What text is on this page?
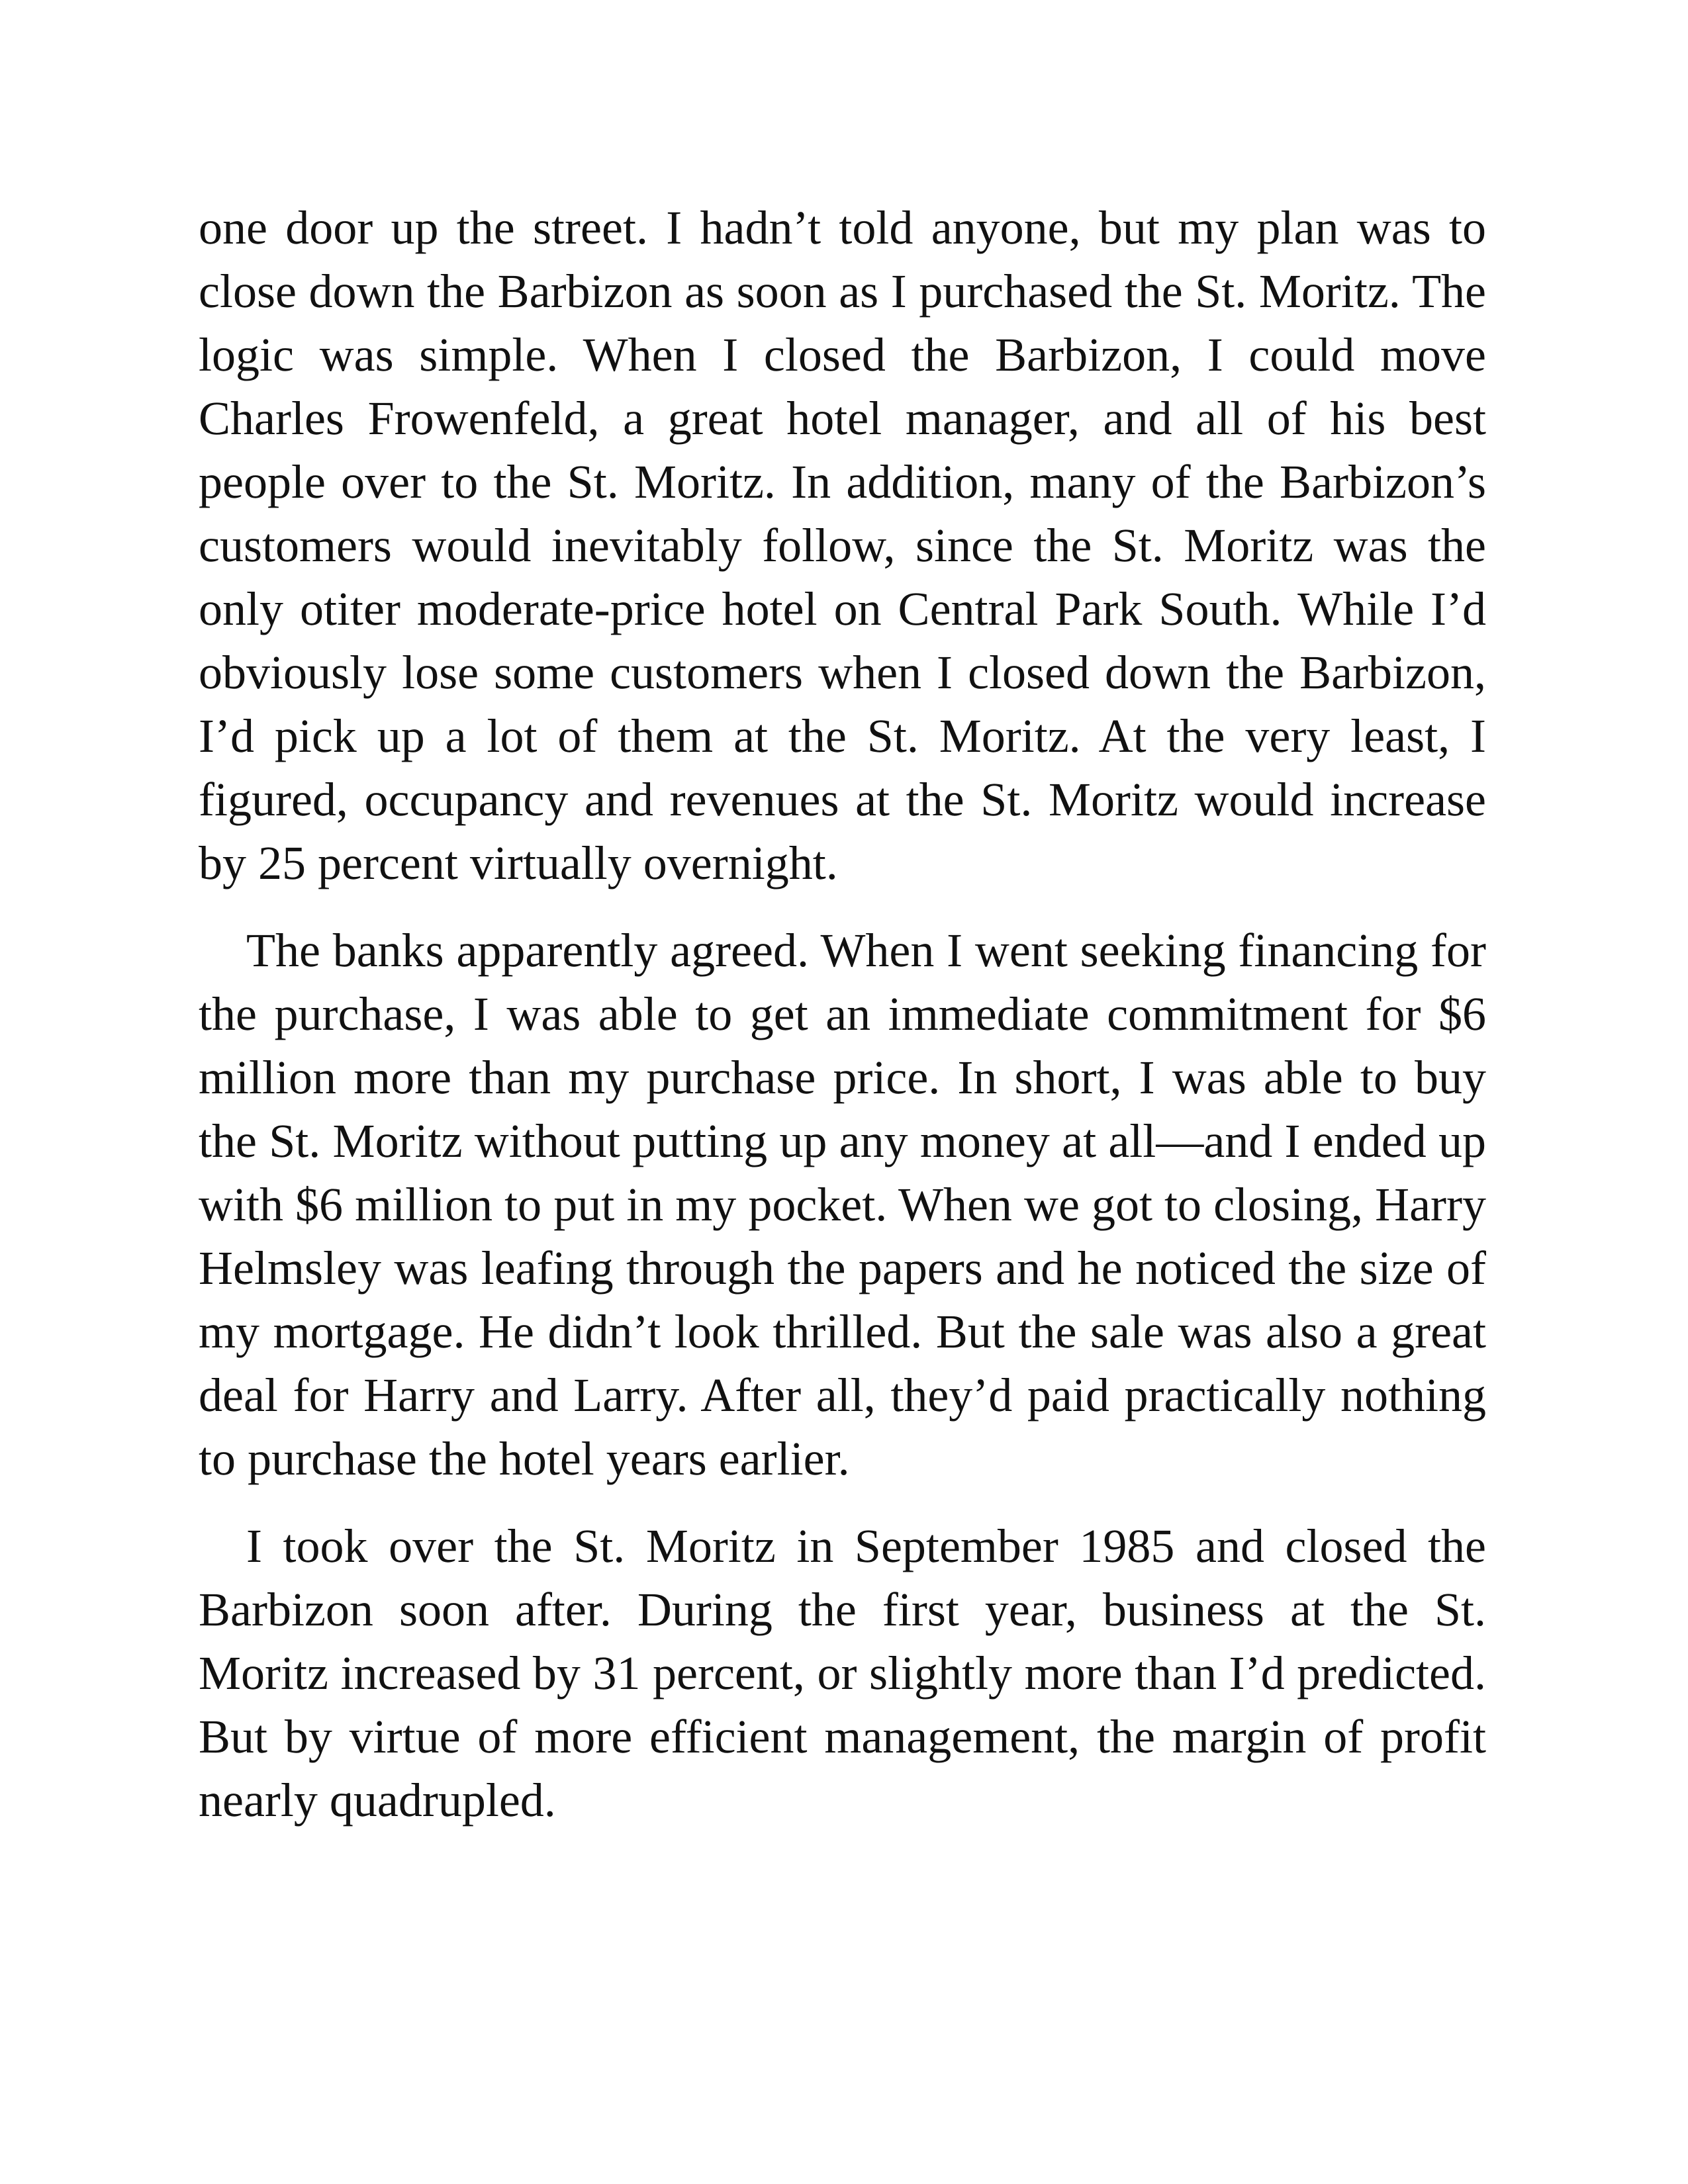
one door up the street. I hadn’t told anyone, but my plan was to close down the Barbizon as soon as I purchased the St. Moritz. The logic was simple. When I closed the Barbizon, I could move Charles Frowenfeld, a great hotel manager, and all of his best people over to the St. Moritz. In addition, many of the Barbizon’s customers would inevitably follow, since the St. Moritz was the only otiter moderate-price hotel on Central Park South. While I’d obviously lose some customers when I closed down the Barbizon, I’d pick up a lot of them at the St. Moritz. At the very least, I figured, occupancy and revenues at the St. Moritz would increase by 25 percent virtually overnight.

The banks apparently agreed. When I went seeking financing for the purchase, I was able to get an immediate commitment for $6 million more than my purchase price. In short, I was able to buy the St. Moritz without putting up any money at all—and I ended up with $6 million to put in my pocket. When we got to closing, Harry Helmsley was leafing through the papers and he noticed the size of my mortgage. He didn’t look thrilled. But the sale was also a great deal for Harry and Larry. After all, they’d paid practically nothing to purchase the hotel years earlier.

I took over the St. Moritz in September 1985 and closed the Barbizon soon after. During the first year, business at the St. Moritz increased by 31 percent, or slightly more than I’d predicted. But by virtue of more efficient management, the margin of profit nearly quadrupled.
